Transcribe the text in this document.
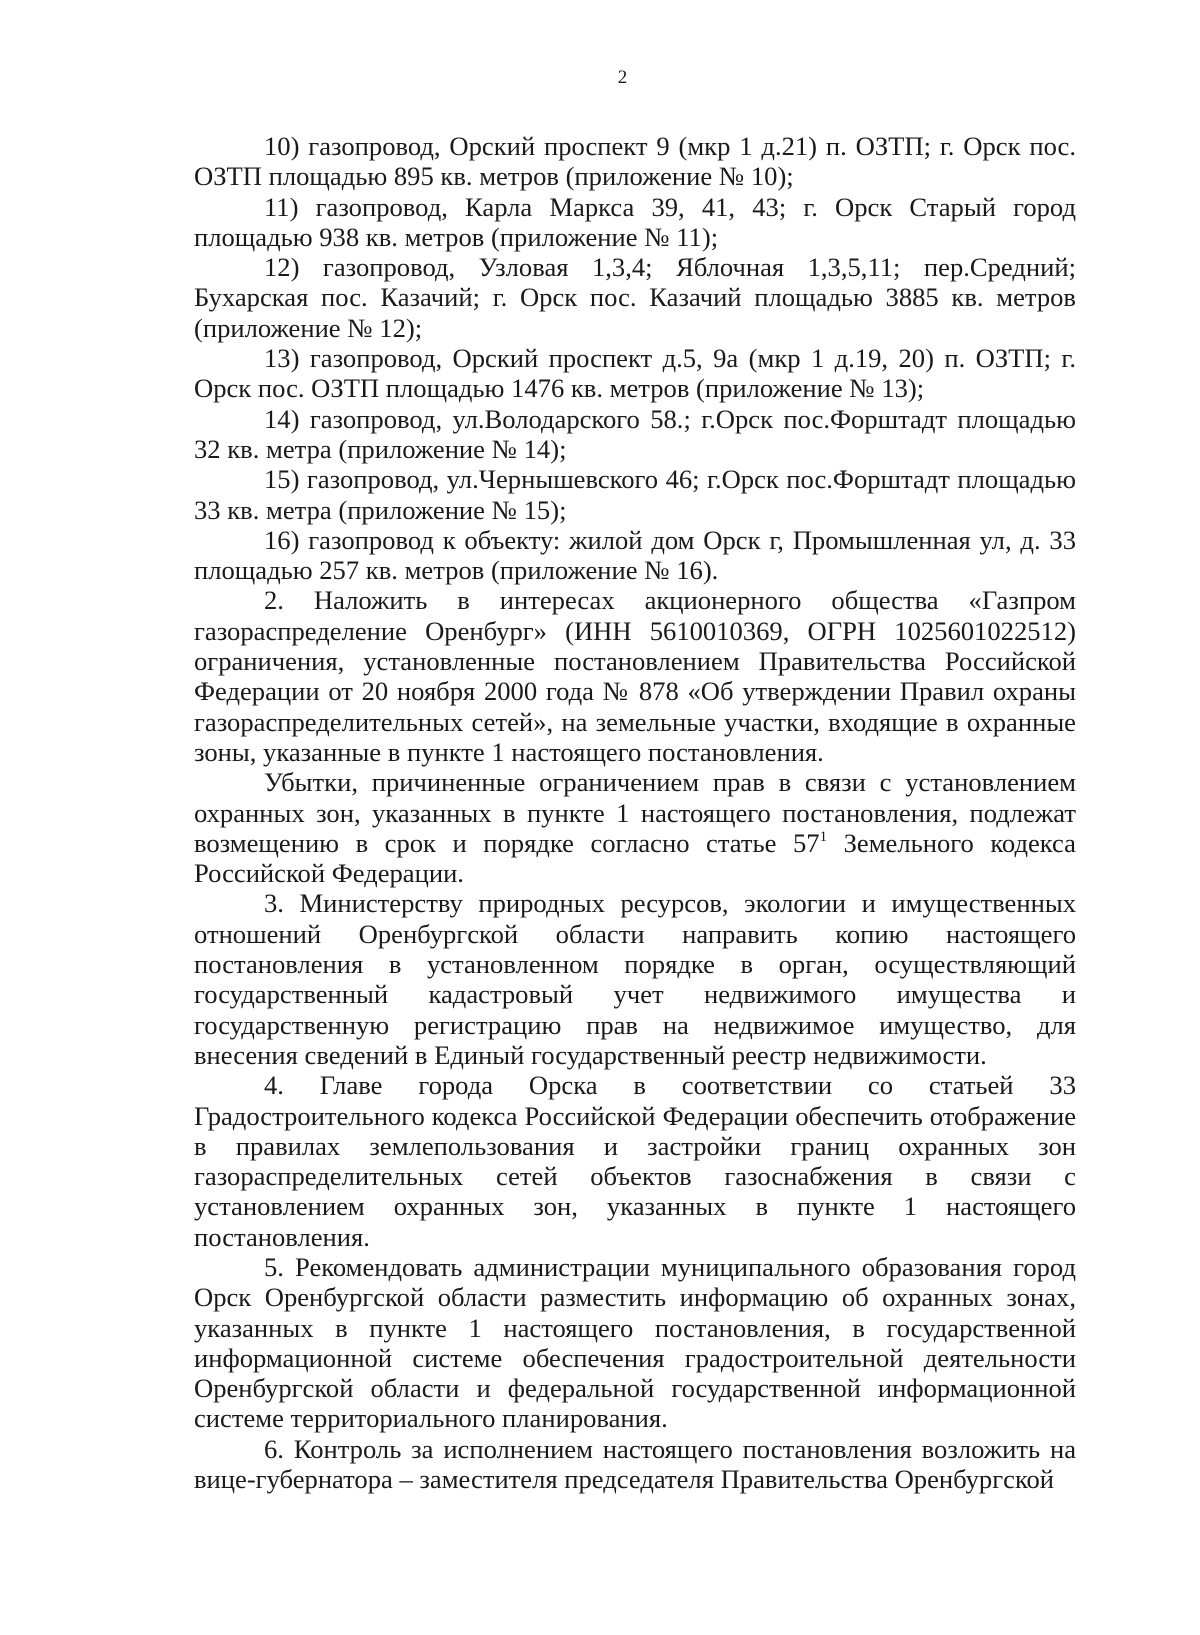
2

10) газопровод, Орский проспект 9 (мкр 1 д.21) п. ОЗТП; г. Орск пос. ОЗТП площадью 895 кв. метров (приложение № 10);

11) газопровод, Карла Маркса 39, 41, 43; г. Орск Старый город площадью 938 кв. метров (приложение № 11);

12) газопровод, Узловая 1,3,4; Яблочная 1,3,5,11; пер.Средний; Бухарская пос. Казачий; г. Орск пос. Казачий площадью 3885 кв. метров (приложение № 12);

13) газопровод, Орский проспект д.5, 9а (мкр 1 д.19, 20) п. ОЗТП; г. Орск пос. ОЗТП площадью 1476 кв. метров (приложение № 13);

14) газопровод, ул.Володарского 58.; г.Орск пос.Форштадт площадью 32 кв. метра (приложение № 14);

15) газопровод, ул.Чернышевского 46; г.Орск пос.Форштадт площадью 33 кв. метра (приложение № 15);

16) газопровод к объекту: жилой дом Орск г, Промышленная ул, д. 33 площадью 257 кв. метров (приложение № 16).

2. Наложить в интересах акционерного общества «Газпром газораспределение Оренбург» (ИНН 5610010369, ОГРН 1025601022512) ограничения, установленные постановлением Правительства Российской Федерации от 20 ноября 2000 года № 878 «Об утверждении Правил охраны газораспределительных сетей», на земельные участки, входящие в охранные зоны, указанные в пункте 1 настоящего постановления.

Убытки, причиненные ограничением прав в связи с установлением охранных зон, указанных в пункте 1 настоящего постановления, подлежат возмещению в срок и порядке согласно статье $57^1$ Земельного кодекса Российской Федерации.

3. Министерству природных ресурсов, экологии и имущественных отношений Оренбургской области направить копию настоящего постановления в установленном порядке в орган, осуществляющий государственный кадастровый учет недвижимого имущества и государственную регистрацию прав на недвижимое имущество, для внесения сведений в Единый государственный реестр недвижимости.

4. Главе города Орска в соответствии со статьей 33 Градостроительного кодекса Российской Федерации обеспечить отображение в правилах землепользования и застройки границ охранных зон газораспределительных сетей объектов газоснабжения в связи с установлением охранных зон, указанных в пункте 1 настоящего постановления.

5. Рекомендовать администрации муниципального образования город Орск Оренбургской области разместить информацию об охранных зонах, указанных в пункте 1 настоящего постановления, в государственной информационной системе обеспечения градостроительной деятельности Оренбургской области и федеральной государственной информационной системе территориального планирования.

6. Контроль за исполнением настоящего постановления возложить на вице-губернатора – заместителя председателя Правительства Оренбургской
